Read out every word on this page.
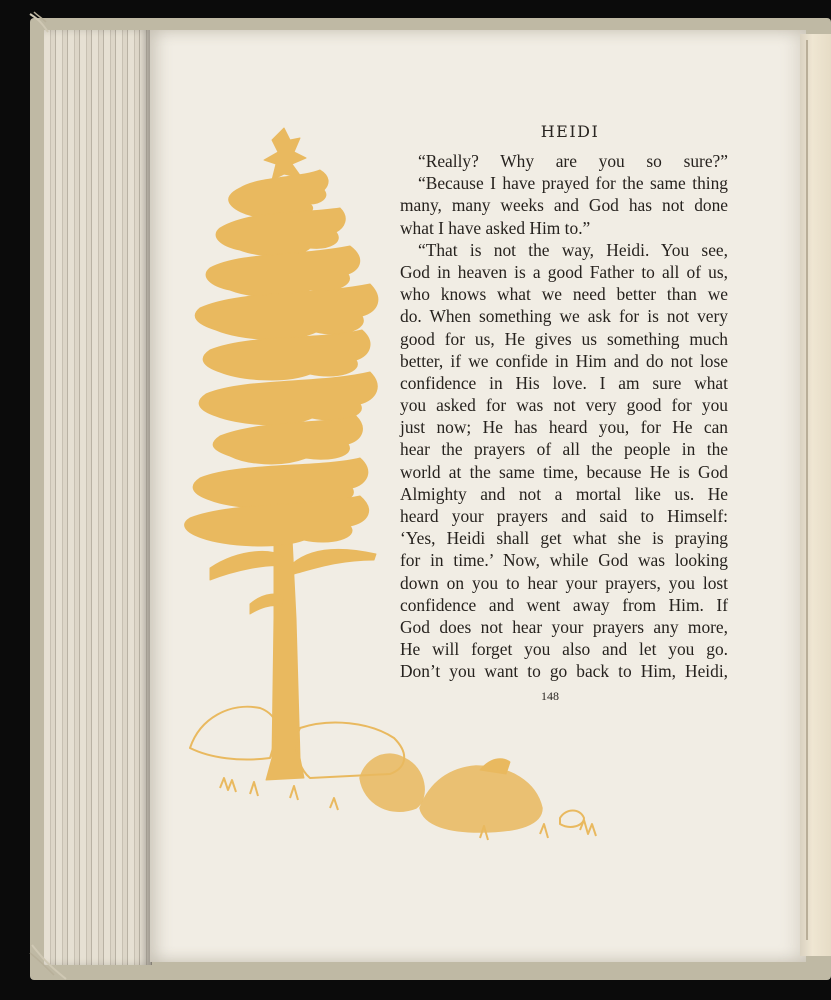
HEIDI
“Really? Why are you so sure?”
“Because I have prayed for the same thing
many, many weeks and God has not done
what I have asked Him to.”
“That is not the way, Heidi. You see,
God in heaven is a good Father to all of us,
who knows what we need better than we
do. When something we ask for is not very
good for us, He gives us something much
better, if we confide in Him and do not lose
confidence in His love. I am sure what
you asked for was not very good for you
just now; He has heard you, for He can
hear the prayers of all the people in the
world at the same time, because He is God
Almighty and not a mortal like us. He
heard your prayers and said to Himself:
‘Yes, Heidi shall get what she is praying
for in time.’ Now, while God was looking
down on you to hear your prayers, you lost
confidence and went away from Him. If
God does not hear your prayers any more,
He will forget you also and let you go.
Don’t you want to go back to Him, Heidi,
148
